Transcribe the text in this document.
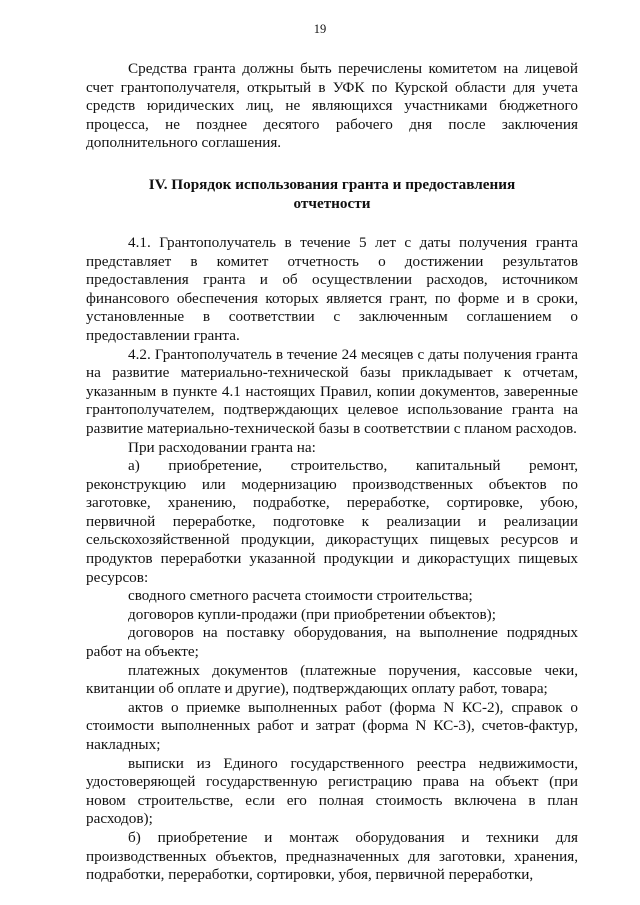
19

Средства гранта должны быть перечислены комитетом на лицевой счет грантополучателя, открытый в УФК по Курской области для учета средств юридических лиц, не являющихся участниками бюджетного процесса, не позднее десятого рабочего дня после заключения дополнительного соглашения.

IV. Порядок использования гранта и предоставления
отчетности

4.1. Грантополучатель в течение 5 лет с даты получения гранта представляет в комитет отчетность о достижении результатов предоставления гранта и об осуществлении расходов, источником финансового обеспечения которых является грант, по форме и в сроки, установленные в соответствии с заключенным соглашением о предоставлении гранта.

4.2. Грантополучатель в течение 24 месяцев с даты получения гранта на развитие материально-технической базы прикладывает к отчетам, указанным в пункте 4.1 настоящих Правил, копии документов, заверенные грантополучателем, подтверждающих целевое использование гранта на развитие материально-технической базы в соответствии с планом расходов.

При расходовании гранта на:

а) приобретение, строительство, капитальный ремонт, реконструкцию или модернизацию производственных объектов по заготовке, хранению, подработке, переработке, сортировке, убою, первичной переработке, подготовке к реализации и реализации сельскохозяйственной продукции, дикорастущих пищевых ресурсов и продуктов переработки указанной продукции и дикорастущих пищевых ресурсов:

сводного сметного расчета стоимости строительства;

договоров купли-продажи (при приобретении объектов);

договоров на поставку оборудования, на выполнение подрядных работ на объекте;

платежных документов (платежные поручения, кассовые чеки, квитанции об оплате и другие), подтверждающих оплату работ, товара;

актов о приемке выполненных работ (форма N КС-2), справок о стоимости выполненных работ и затрат (форма N КС-3), счетов-фактур, накладных;

выписки из Единого государственного реестра недвижимости, удостоверяющей государственную регистрацию права на объект (при новом строительстве, если его полная стоимость включена в план расходов);

б) приобретение и монтаж оборудования и техники для производственных объектов, предназначенных для заготовки, хранения, подработки, переработки, сортировки, убоя, первичной переработки,
